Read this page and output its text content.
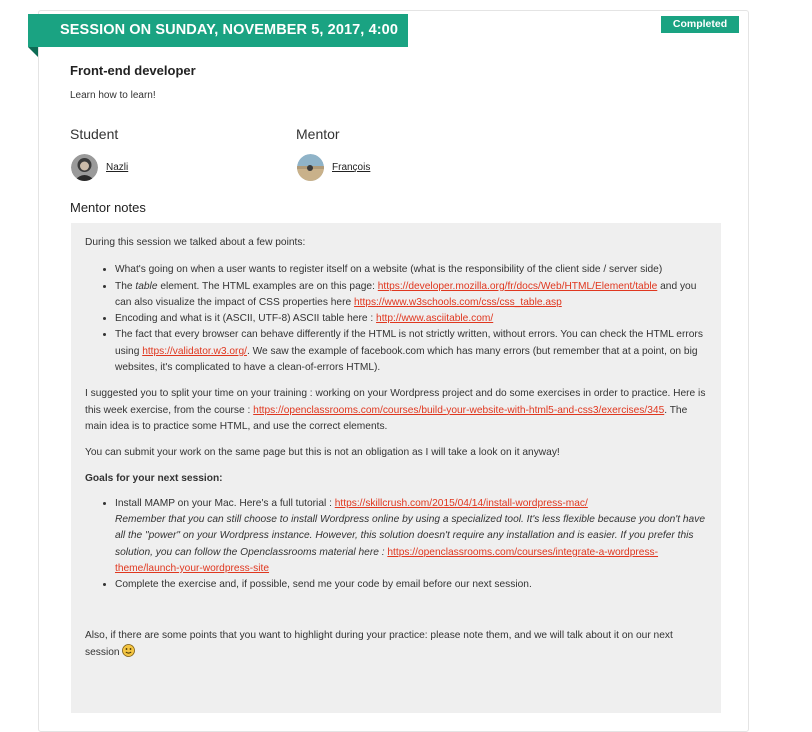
SESSION ON SUNDAY, NOVEMBER 5, 2017, 4:00 PM
Completed
Front-end developer
Learn how to learn!
Student	Mentor
Nazli	François
Mentor notes

During this session we talked about a few points:

• What's going on when a user wants to register itself on a website (what is the responsibility of the client side / server side)
• The table element. The HTML examples are on this page: https://developer.mozilla.org/fr/docs/Web/HTML/Element/table and you can also visualize the impact of CSS properties here https://www.w3schools.com/css/css_table.asp
• Encoding and what is it (ASCII, UTF-8) ASCII table here : http://www.asciitable.com/
• The fact that every browser can behave differently if the HTML is not strictly written, without errors. You can check the HTML errors using https://validator.w3.org/. We saw the example of facebook.com which has many errors (but remember that at a point, on big websites, it's complicated to have a clean-of-errors HTML).

I suggested you to split your time on your training : working on your Wordpress project and do some exercises in order to practice. Here is this week exercise, from the course : https://openclassrooms.com/courses/build-your-website-with-html5-and-css3/exercises/345. The main idea is to practice some HTML, and use the correct elements.

You can submit your work on the same page but this is not an obligation as I will take a look on it anyway!

Goals for your next session:

• Install MAMP on your Mac. Here's a full tutorial : https://skillcrush.com/2015/04/14/install-wordpress-mac/
Remember that you can still choose to install Wordpress online by using a specialized tool. It's less flexible because you don't have all the "power" on your Wordpress instance. However, this solution doesn't require any installation and is easier. If you prefer this solution, you can follow the Openclassrooms material here : https://openclassrooms.com/courses/integrate-a-wordpress-theme/launch-your-wordpress-site
• Complete the exercise and, if possible, send me your code by email before our next session.

Also, if there are some points that you want to highlight during your practice: please note them, and we will talk about it on our next session
